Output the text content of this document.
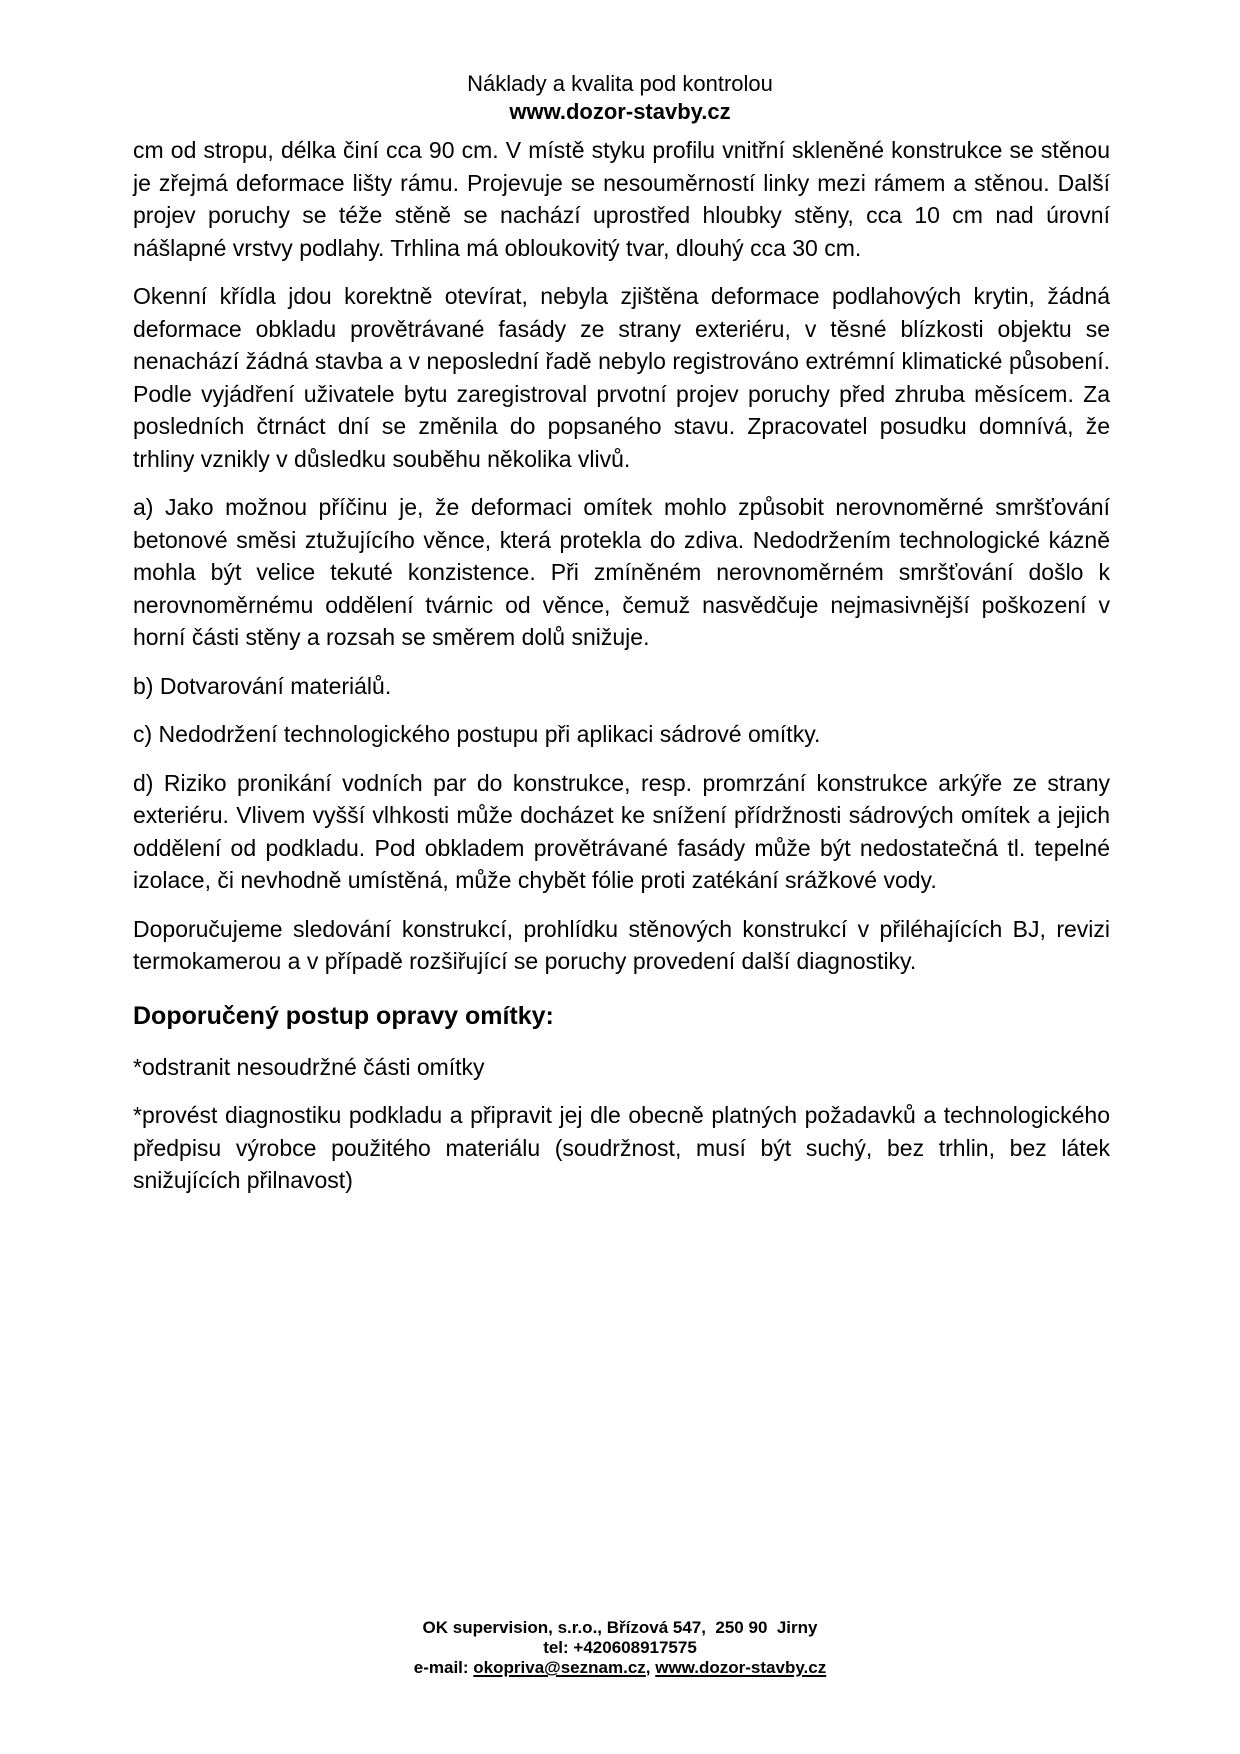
Náklady a kvalita pod kontrolou
www.dozor-stavby.cz
cm od stropu, délka činí cca 90 cm. V místě styku profilu vnitřní skleněné konstrukce se stěnou je zřejmá deformace lišty rámu. Projevuje se nesouměrností linky mezi rámem a stěnou. Další projev poruchy se téže stěně se nachází uprostřed hloubky stěny, cca 10 cm nad úrovní nášlapné vrstvy podlahy. Trhlina má obloukovitý tvar, dlouhý cca 30 cm.
Okenní křídla jdou korektně otevírat, nebyla zjištěna deformace podlahových krytin, žádná deformace obkladu provětrávané fasády ze strany exteriéru, v těsné blízkosti objektu se nenachází žádná stavba a v neposlední řadě nebylo registrováno extrémní klimatické působení. Podle vyjádření uživatele bytu zaregistroval prvotní projev poruchy před zhruba měsícem. Za posledních čtrnáct dní se změnila do popsaného stavu. Zpracovatel posudku domnívá, že trhliny vznikly v důsledku souběhu několika vlivů.
a) Jako možnou příčinu je, že deformaci omítek mohlo způsobit nerovnoměrné smršťování betonové směsi ztužujícího věnce, která protekla do zdiva. Nedodržením technologické kázně mohla být velice tekuté konzistence. Při zmíněném nerovnoměrném smršťování došlo k nerovnoměrnému oddělení tvárnic od věnce, čemuž nasvědčuje nejmasivnější poškození v horní části stěny a rozsah se směrem dolů snižuje.
b) Dotvarování materiálů.
c) Nedodržení technologického postupu při aplikaci sádrové omítky.
d) Riziko pronikání vodních par do konstrukce, resp. promrzání konstrukce arkýře ze strany exteriéru. Vlivem vyšší vlhkosti může docházet ke snížení přídržnosti sádrových omítek a jejich oddělení od podkladu. Pod obkladem provětrávané fasády může být nedostatečná tl. tepelné izolace, či nevhodně umístěná, může chybět fólie proti zatékání srážkové vody.
Doporučujeme sledování konstrukcí, prohlídku stěnových konstrukcí v přiléhajících BJ, revizi termokamerou a v případě rozšiřující se poruchy provedení další diagnostiky.
Doporučený postup opravy omítky:
*odstranit nesoudržné části omítky
*provést diagnostiku podkladu a připravit jej dle obecně platných požadavků a technologického předpisu výrobce použitého materiálu (soudržnost, musí být suchý, bez trhlin, bez látek snižujících přilnavost)
OK supervision, s.r.o., Břízová 547,  250 90  Jirny
tel: +420608917575
e-mail: okopriva@seznam.cz, www.dozor-stavby.cz
